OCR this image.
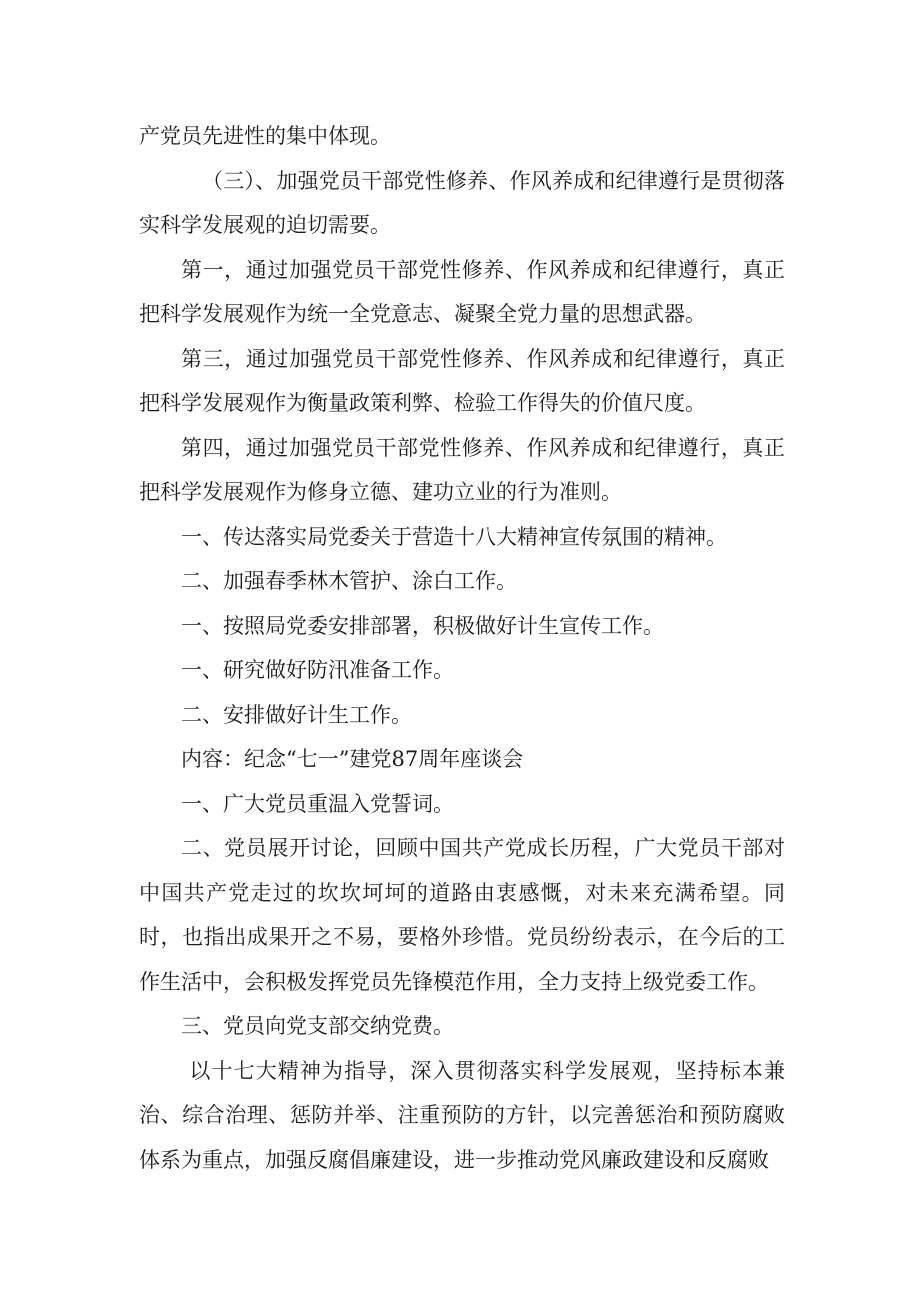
产党员先进性的集中体现。

（三）、加强党员干部党性修养、作风养成和纪律遵行是贯彻落实科学发展观的迫切需要。

第一，通过加强党员干部党性修养、作风养成和纪律遵行，真正把科学发展观作为统一全党意志、凝聚全党力量的思想武器。

第三，通过加强党员干部党性修养、作风养成和纪律遵行，真正把科学发展观作为衡量政策利弊、检验工作得失的价值尺度。

第四，通过加强党员干部党性修养、作风养成和纪律遵行，真正把科学发展观作为修身立德、建功立业的行为准则。

一、传达落实局党委关于营造十八大精神宣传氛围的精神。

二、加强春季林木管护、涂白工作。

一、按照局党委安排部署，积极做好计生宣传工作。

一、研究做好防汛准备工作。

二、安排做好计生工作。

内容：纪念“七一”建党87周年座谈会

一、广大党员重温入党誓词。

二、党员展开讨论，回顾中国共产党成长历程，广大党员干部对中国共产党走过的坎坎坷坷的道路由衷感慨，对未来充满希望。同时，也指出成果开之不易，要格外珍惜。党员纷纷表示，在今后的工作生活中，会积极发挥党员先锋模范作用，全力支持上级党委工作。

三、党员向党支部交纳党费。

以十七大精神为指导，深入贯彻落实科学发展观，坚持标本兼治、综合治理、惩防并举、注重预防的方针，以完善惩治和预防腐败体系为重点，加强反腐倡廉建设，进一步推动党风廉政建设和反腐败
